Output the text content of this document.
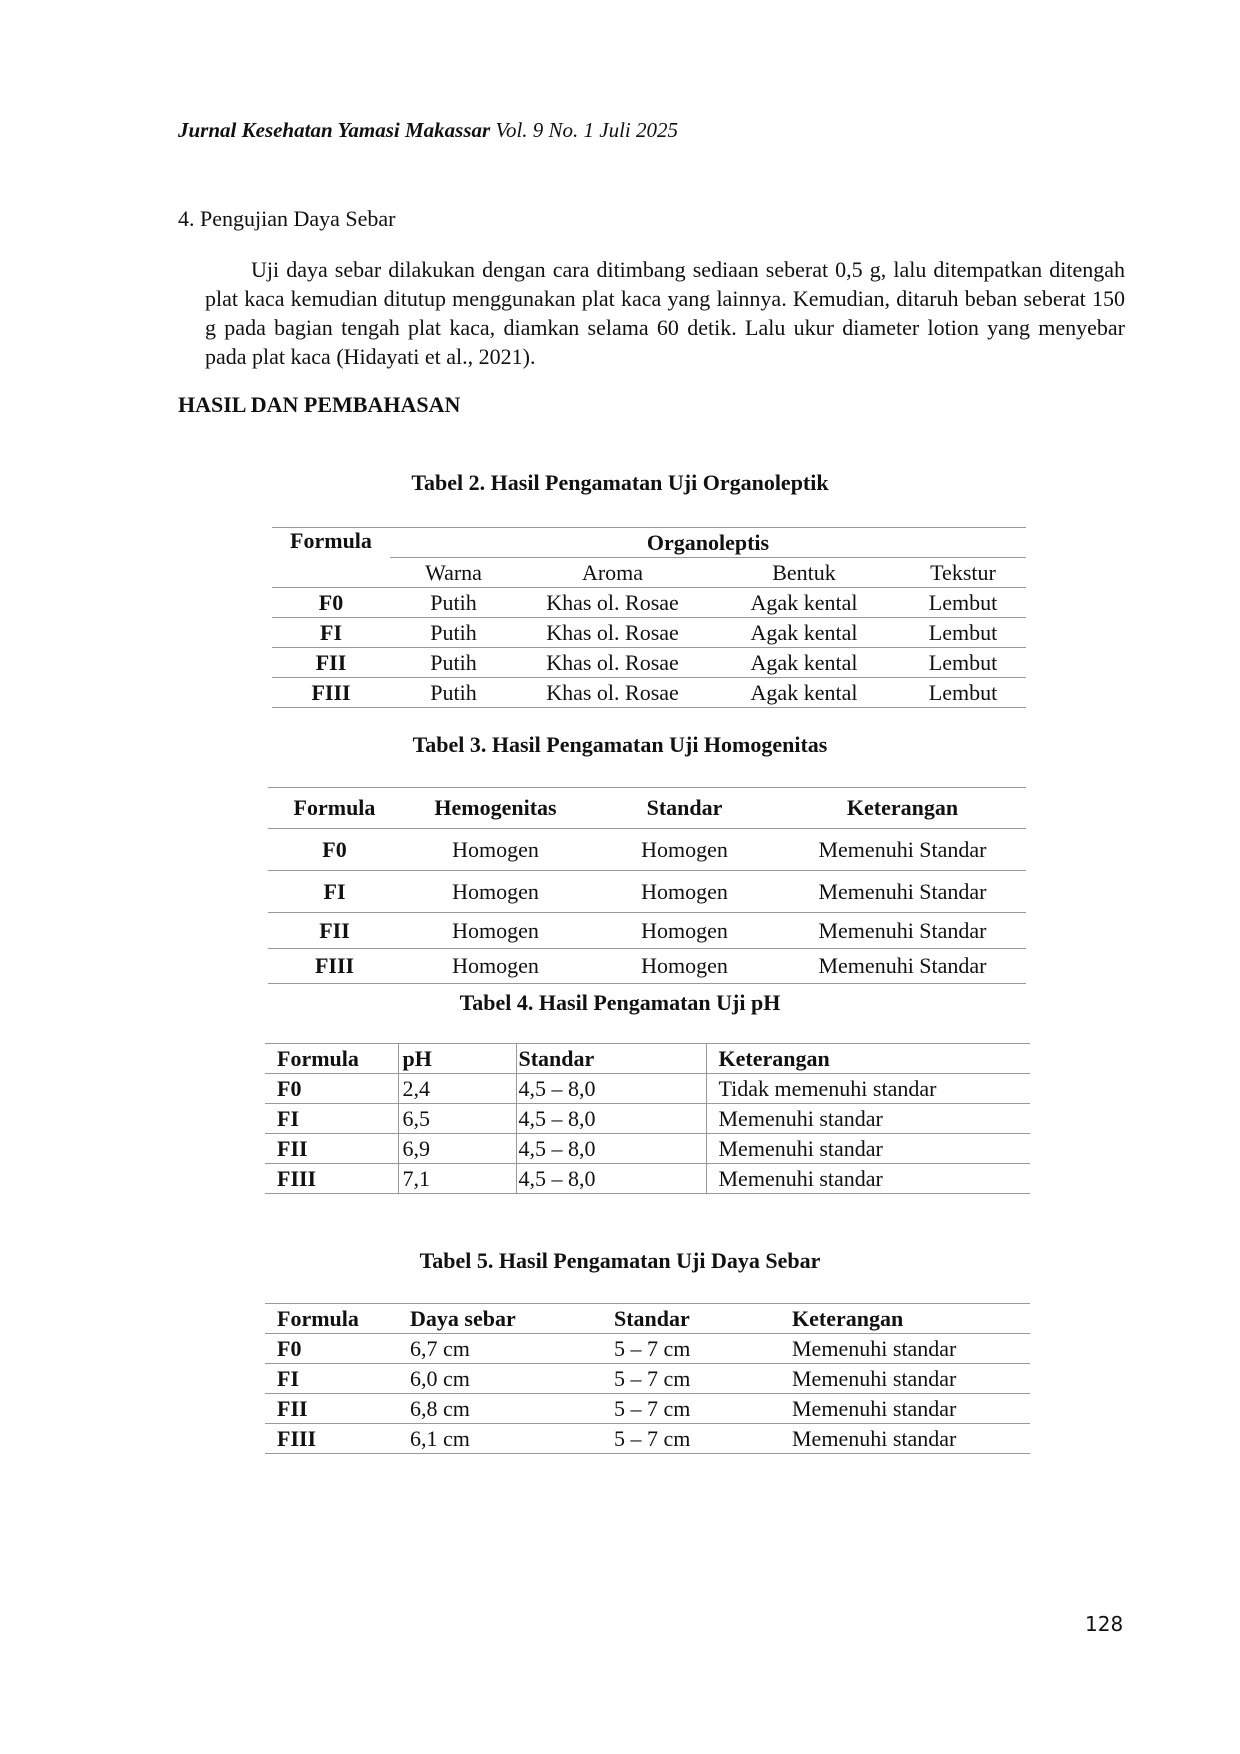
Jurnal Kesehatan Yamasi Makassar Vol. 9 No. 1 Juli 2025
4. Pengujian Daya Sebar
Uji daya sebar dilakukan dengan cara ditimbang sediaan seberat 0,5 g, lalu ditempatkan ditengah plat kaca kemudian ditutup menggunakan plat kaca yang lainnya. Kemudian, ditaruh beban seberat 150 g pada bagian tengah plat kaca, diamkan selama 60 detik. Lalu ukur diameter lotion yang menyebar pada plat kaca (Hidayati et al., 2021).
HASIL DAN PEMBAHASAN
Tabel 2. Hasil Pengamatan Uji Organoleptik
Formula	Organoleptis			
	Warna	Aroma	Bentuk	Tekstur
F0	Putih	Khas ol. Rosae	Agak kental	Lembut
FI	Putih	Khas ol. Rosae	Agak kental	Lembut
FII	Putih	Khas ol. Rosae	Agak kental	Lembut
FIII	Putih	Khas ol. Rosae	Agak kental	Lembut
Tabel 3. Hasil Pengamatan Uji Homogenitas
Formula	Hemogenitas	Standar	Keterangan
F0	Homogen	Homogen	Memenuhi Standar
FI	Homogen	Homogen	Memenuhi Standar
FII	Homogen	Homogen	Memenuhi Standar
FIII	Homogen	Homogen	Memenuhi Standar
Tabel 4. Hasil Pengamatan Uji pH
Formula	pH	Standar	Keterangan
F0	2,4	4,5 – 8,0	Tidak memenuhi standar
FI	6,5	4,5 – 8,0	Memenuhi standar
FII	6,9	4,5 – 8,0	Memenuhi standar
FIII	7,1	4,5 – 8,0	Memenuhi standar
Tabel 5. Hasil Pengamatan Uji Daya Sebar
Formula	Daya sebar	Standar	Keterangan
F0	6,7 cm	5 – 7 cm	Memenuhi standar
FI	6,0 cm	5 – 7 cm	Memenuhi standar
FII	6,8 cm	5 – 7 cm	Memenuhi standar
FIII	6,1 cm	5 – 7 cm	Memenuhi standar
128
